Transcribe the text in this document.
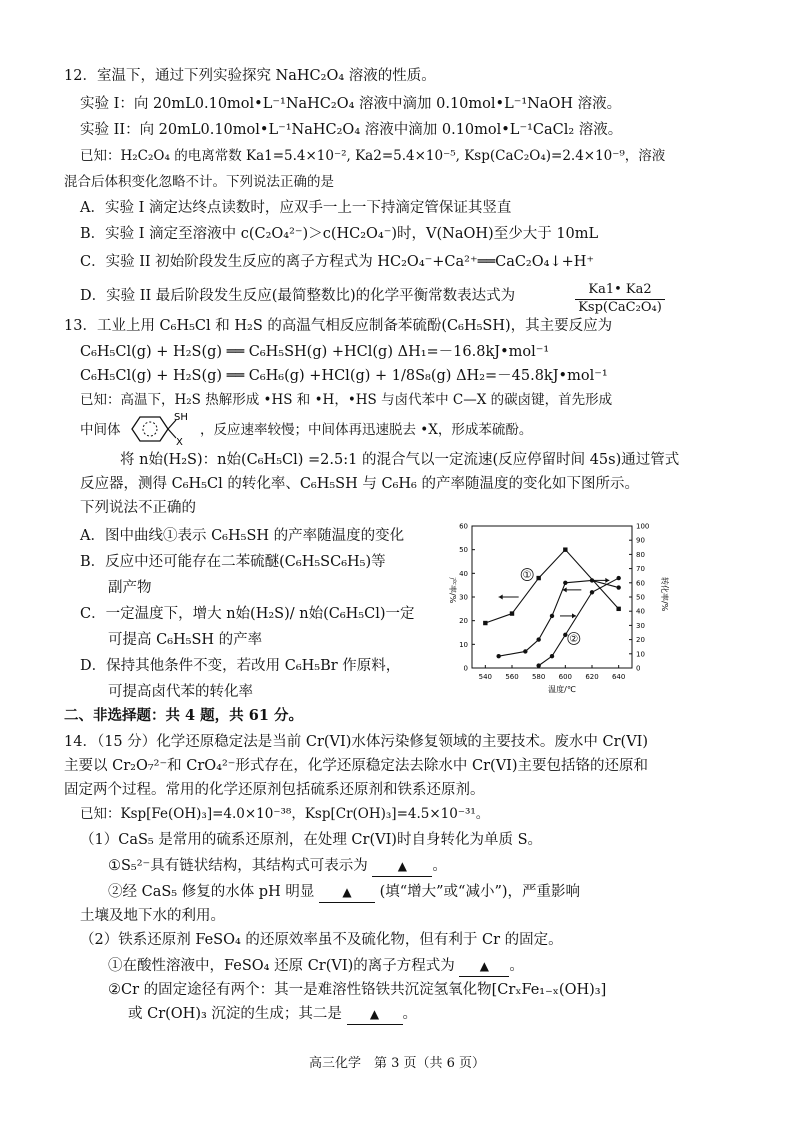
12．室温下，通过下列实验探究 NaHC₂O₄ 溶液的性质。
实验 I：向 20mL0.10mol•L⁻¹NaHC₂O₄ 溶液中滴加 0.10mol•L⁻¹NaOH 溶液。
实验 II：向 20mL0.10mol•L⁻¹NaHC₂O₄ 溶液中滴加 0.10mol•L⁻¹CaCl₂ 溶液。
已知：H₂C₂O₄ 的电离常数 Ka1=5.4×10⁻², Ka2=5.4×10⁻⁵, Ksp(CaC₂O₄)=2.4×10⁻⁹，溶液
混合后体积变化忽略不计。下列说法正确的是
A．实验 I 滴定达终点读数时，应双手一上一下持滴定管保证其竖直
B．实验 I 滴定至溶液中 c(C₂O₄²⁻)＞c(HC₂O₄⁻)时，V(NaOH)至少大于 10mL
C．实验 II 初始阶段发生反应的离子方程式为 HC₂O₄⁻+Ca²⁺══CaC₂O₄↓+H⁺
D．实验 II 最后阶段发生反应(最简整数比)的化学平衡常数表达式为	Ka1• Ka2
Ksp(CaC₂O₄)
13．工业上用 C₆H₅Cl 和 H₂S 的高温气相反应制备苯硫酚(C₆H₅SH)，其主要反应为
C₆H₅Cl(g) + H₂S(g) ══ C₆H₅SH(g) +HCl(g) ΔH₁=－16.8kJ•mol⁻¹
C₆H₅Cl(g) + H₂S(g) ══ C₆H₆(g) +HCl(g) + 1/8S₈(g) ΔH₂=－45.8kJ•mol⁻¹
已知：高温下，H₂S 热解形成 •HS 和 •H，•HS 与卤代苯中 C—X 的碳卤键，首先形成
中间体
SH
X
，反应速率较慢；中间体再迅速脱去 •X，形成苯硫酚。
将 n始(H₂S)：n始(C₆H₅Cl) =2.5:1 的混合气以一定流速(反应停留时间 45s)通过管式
反应器，测得 C₆H₅Cl 的转化率、C₆H₅SH 与 C₆H₆ 的产率随温度的变化如下图所示。
下列说法不正确的
A．图中曲线①表示 C₆H₅SH 的产率随温度的变化
B．反应中还可能存在二苯硫醚(C₆H₅SC₆H₅)等
副产物
C．一定温度下，增大 n始(H₂S)/ n始(C₆H₅Cl)一定
可提高 C₆H₅SH 的产率
D．保持其他条件不变，若改用 C₆H₅Br 作原料，
可提高卤代苯的转化率
540 560 580 600 620 640
0
10
20
30
40
50
60
0
10
20
30
40
50
60
70
80
90
100
温度/℃
产率/%	转化率/%
①
②
二、非选择题：共 4 题，共 61 分。
14．（15 分）化学还原稳定法是当前 Cr(VI)水体污染修复领域的主要技术。废水中 Cr(VI)
主要以 Cr₂O₇²⁻和 CrO₄²⁻形式存在，化学还原稳定法去除水中 Cr(VI)主要包括铬的还原和
固定两个过程。常用的化学还原剂包括硫系还原剂和铁系还原剂。
已知：Ksp[Fe(OH)₃]=4.0×10⁻³⁸，Ksp[Cr(OH)₃]=4.5×10⁻³¹。
（1）CaS₅ 是常用的硫系还原剂，在处理 Cr(VI)时自身转化为单质 S。
①S₅²⁻具有链状结构，其结构式可表示为 ▲ 。
②经 CaS₅ 修复的水体 pH 明显 ▲ (填“增大”或“减小”)，严重影响
土壤及地下水的利用。
（2）铁系还原剂 FeSO₄ 的还原效率虽不及硫化物，但有利于 Cr 的固定。
①在酸性溶液中，FeSO₄ 还原 Cr(VI)的离子方程式为 ▲ 。
②Cr 的固定途径有两个：其一是难溶性铬铁共沉淀氢氧化物[CrₓFe₁₋ₓ(OH)₃]
或 Cr(OH)₃ 沉淀的生成；其二是 ▲ 。
高三化学　第 3 页（共 6 页）
